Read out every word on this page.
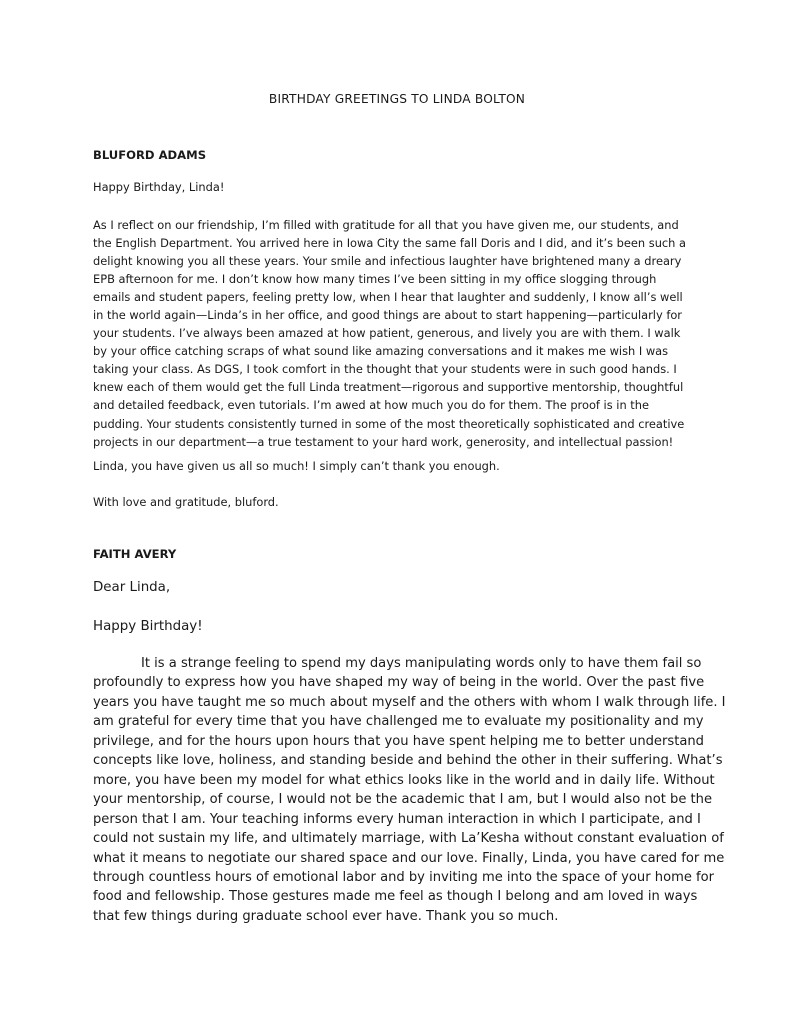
BIRTHDAY GREETINGS TO LINDA BOLTON
BLUFORD ADAMS
Happy Birthday, Linda!

As I reflect on our friendship, I’m filled with gratitude for all that you have given me, our students, and
the English Department. You arrived here in Iowa City the same fall Doris and I did, and it’s been such a
delight knowing you all these years. Your smile and infectious laughter have brightened many a dreary
EPB afternoon for me. I don’t know how many times I’ve been sitting in my office slogging through
emails and student papers, feeling pretty low, when I hear that laughter and suddenly, I know all’s well
in the world again—Linda’s in her office, and good things are about to start happening—particularly for
your students. I’ve always been amazed at how patient, generous, and lively you are with them. I walk
by your office catching scraps of what sound like amazing conversations and it makes me wish I was
taking your class. As DGS, I took comfort in the thought that your students were in such good hands. I
knew each of them would get the full Linda treatment—rigorous and supportive mentorship, thoughtful
and detailed feedback, even tutorials. I’m awed at how much you do for them. The proof is in the
pudding. Your students consistently turned in some of the most theoretically sophisticated and creative
projects in our department—a true testament to your hard work, generosity, and intellectual passion!

Linda, you have given us all so much! I simply can’t thank you enough.
With love and gratitude, bluford.
FAITH AVERY
Dear Linda,
Happy Birthday!

It is a strange feeling to spend my days manipulating words only to have them fail so
profoundly to express how you have shaped my way of being in the world. Over the past five
years you have taught me so much about myself and the others with whom I walk through life. I
am grateful for every time that you have challenged me to evaluate my positionality and my
privilege, and for the hours upon hours that you have spent helping me to better understand
concepts like love, holiness, and standing beside and behind the other in their suffering. What’s
more, you have been my model for what ethics looks like in the world and in daily life. Without
your mentorship, of course, I would not be the academic that I am, but I would also not be the
person that I am. Your teaching informs every human interaction in which I participate, and I
could not sustain my life, and ultimately marriage, with La’Kesha without constant evaluation of
what it means to negotiate our shared space and our love. Finally, Linda, you have cared for me
through countless hours of emotional labor and by inviting me into the space of your home for
food and fellowship. Those gestures made me feel as though I belong and am loved in ways
that few things during graduate school ever have. Thank you so much.
